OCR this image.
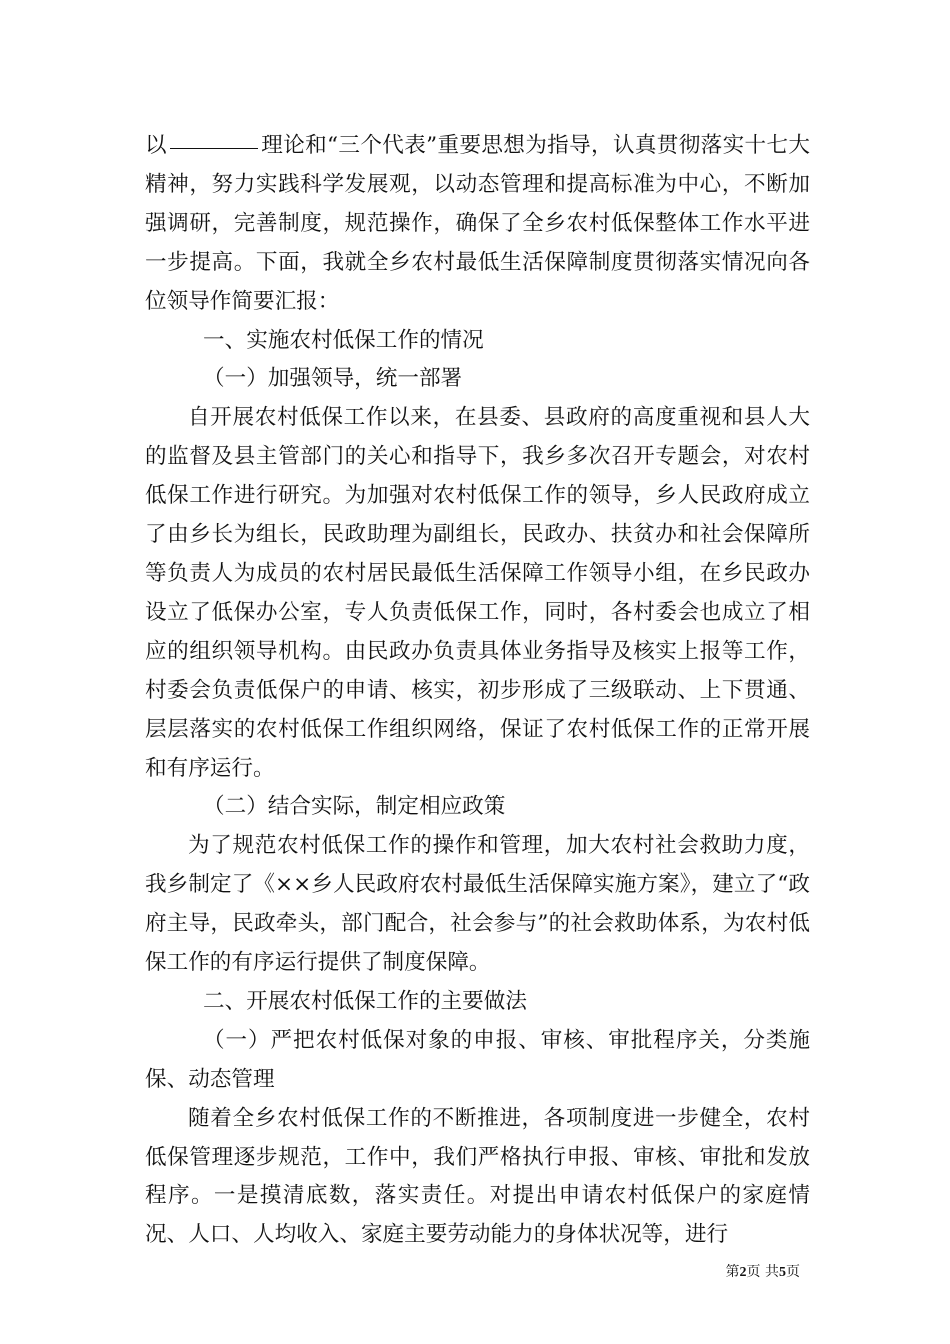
以	理论和“三个代表”重要思想为指导，认真贯彻落实十七大精神，努力实践科学发展观，以动态管理和提高标准为中心，不断加强调研，完善制度，规范操作，确保了全乡农村低保整体工作水平进一步提高。下面，我就全乡农村最低生活保障制度贯彻落实情况向各位领导作简要汇报：

一、实施农村低保工作的情况

（一）加强领导，统一部署

自开展农村低保工作以来，在县委、县政府的高度重视和县人大的监督及县主管部门的关心和指导下，我乡多次召开专题会，对农村低保工作进行研究。为加强对农村低保工作的领导，乡人民政府成立了由乡长为组长，民政助理为副组长，民政办、扶贫办和社会保障所等负责人为成员的农村居民最低生活保障工作领导小组，在乡民政办设立了低保办公室，专人负责低保工作，同时，各村委会也成立了相应的组织领导机构。由民政办负责具体业务指导及核实上报等工作，村委会负责低保户的申请、核实，初步形成了三级联动、上下贯通、层层落实的农村低保工作组织网络，保证了农村低保工作的正常开展和有序运行。

（二）结合实际，制定相应政策

为了规范农村低保工作的操作和管理，加大农村社会救助力度，我乡制定了《××乡人民政府农村最低生活保障实施方案》，建立了“政府主导，民政牵头，部门配合，社会参与”的社会救助体系，为农村低保工作的有序运行提供了制度保障。

二、开展农村低保工作的主要做法

（一）严把农村低保对象的申报、审核、审批程序关，分类施保、动态管理

随着全乡农村低保工作的不断推进，各项制度进一步健全，农村低保管理逐步规范，工作中，我们严格执行申报、审核、审批和发放程序。一是摸清底数，落实责任。对提出申请农村低保户的家庭情况、人口、人均收入、家庭主要劳动能力的身体状况等，进行

第2页 共5页
